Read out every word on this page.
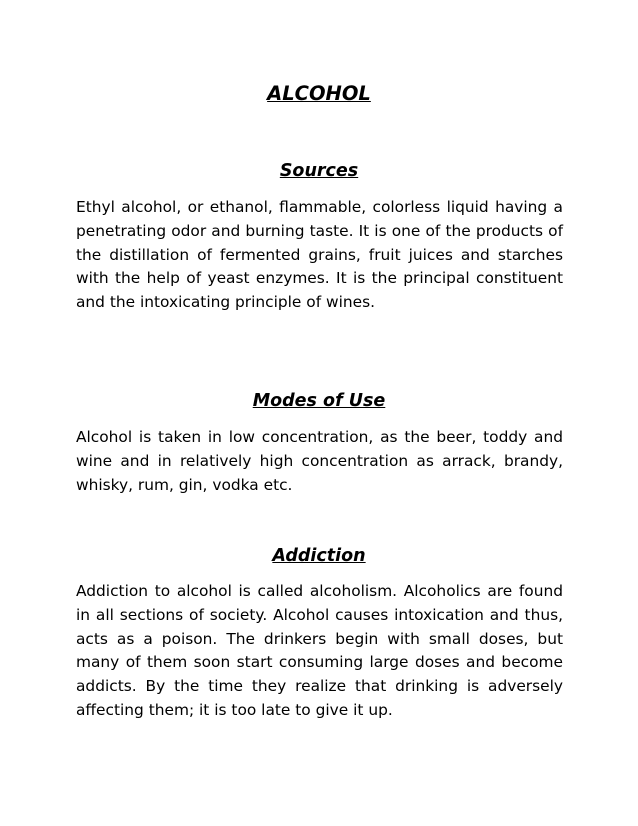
ALCOHOL
Sources
Ethyl alcohol, or ethanol, flammable, colorless liquid having a penetrating odor and burning taste. It is one of the products of the distillation of fermented grains, fruit juices and starches with the help of yeast enzymes. It is the principal constituent and the intoxicating principle of wines.
Modes of Use
Alcohol is taken in low concentration, as the beer, toddy and wine and in relatively high concentration as arrack, brandy, whisky, rum, gin, vodka etc.
Addiction
Addiction to alcohol is called alcoholism. Alcoholics are found in all sections of society. Alcohol causes intoxication and thus, acts as a poison. The drinkers begin with small doses, but many of them soon start consuming large doses and become addicts. By the time they realize that drinking is adversely affecting them; it is too late to give it up.
